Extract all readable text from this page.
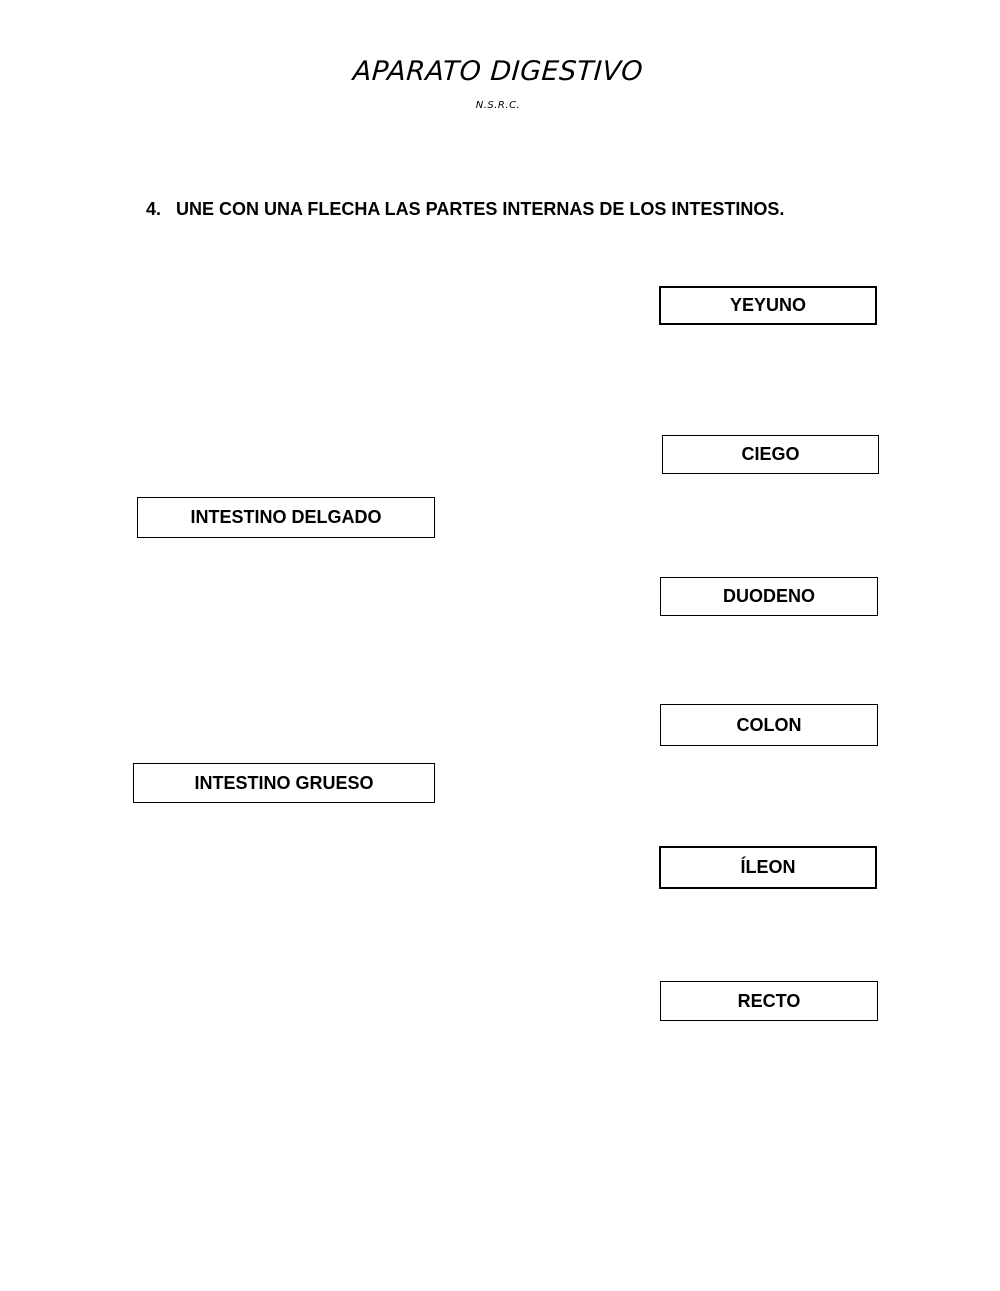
APARATO DIGESTIVO
N.S.R.C.
4. UNE CON UNA FLECHA LAS PARTES INTERNAS DE LOS INTESTINOS.
INTESTINO DELGADO
INTESTINO GRUESO
YEYUNO
CIEGO
DUODENO
COLON
ÍLEON
RECTO
